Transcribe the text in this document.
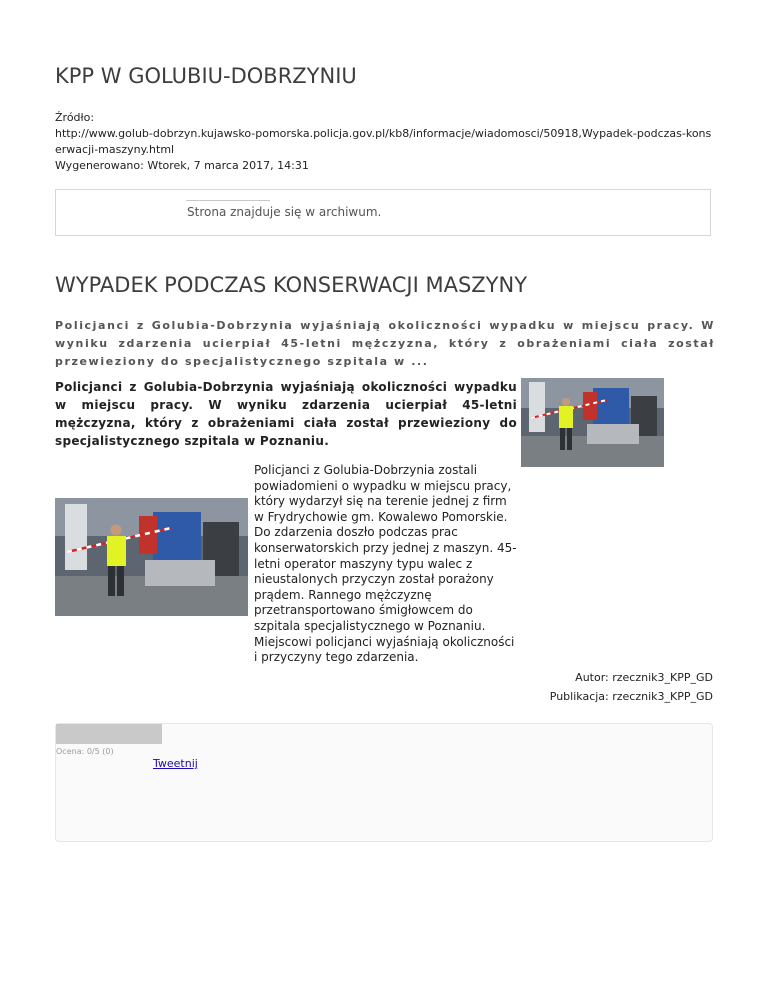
KPP W GOLUBIU-DOBRZYNIU
Źródło:
http://www.golub-dobrzyn.kujawsko-pomorska.policja.gov.pl/kb8/informacje/wiadomosci/50918,Wypadek-podczas-konserwacji-maszyny.html
Wygenerowano: Wtorek, 7 marca 2017, 14:31
Strona znajduje się w archiwum.
WYPADEK PODCZAS KONSERWACJI MASZYNY
Policjanci z Golubia-Dobrzynia wyjaśniają okoliczności wypadku w miejscu pracy. W wyniku zdarzenia ucierpiał 45-letni mężczyzna, który z obrażeniami ciała został przewieziony do specjalistycznego szpitala w ...
Policjanci z Golubia-Dobrzynia wyjaśniają okoliczności wypadku w miejscu pracy. W wyniku zdarzenia ucierpiał 45-letni mężczyzna, który z obrażeniami ciała został przewieziony do specjalistycznego szpitala w Poznaniu.
Policjanci z Golubia-Dobrzynia zostali powiadomieni o wypadku w miejscu pracy, który wydarzył się na terenie jednej z firm w Frydrychowie gm. Kowalewo Pomorskie. Do zdarzenia doszło podczas prac konserwatorskich przy jednej z maszyn. 45-letni operator maszyny typu walec z nieustalonych przyczyn został porażony prądem. Rannego mężczyznę przetransportowano śmigłowcem do szpitala specjalistycznego w Poznaniu. Miejscowi policjanci wyjaśniają okoliczności i przyczyny tego zdarzenia.
Autor: rzecznik3_KPP_GD
Publikacja: rzecznik3_KPP_GD
Ocena: 0/5 (0)
Tweetnij
